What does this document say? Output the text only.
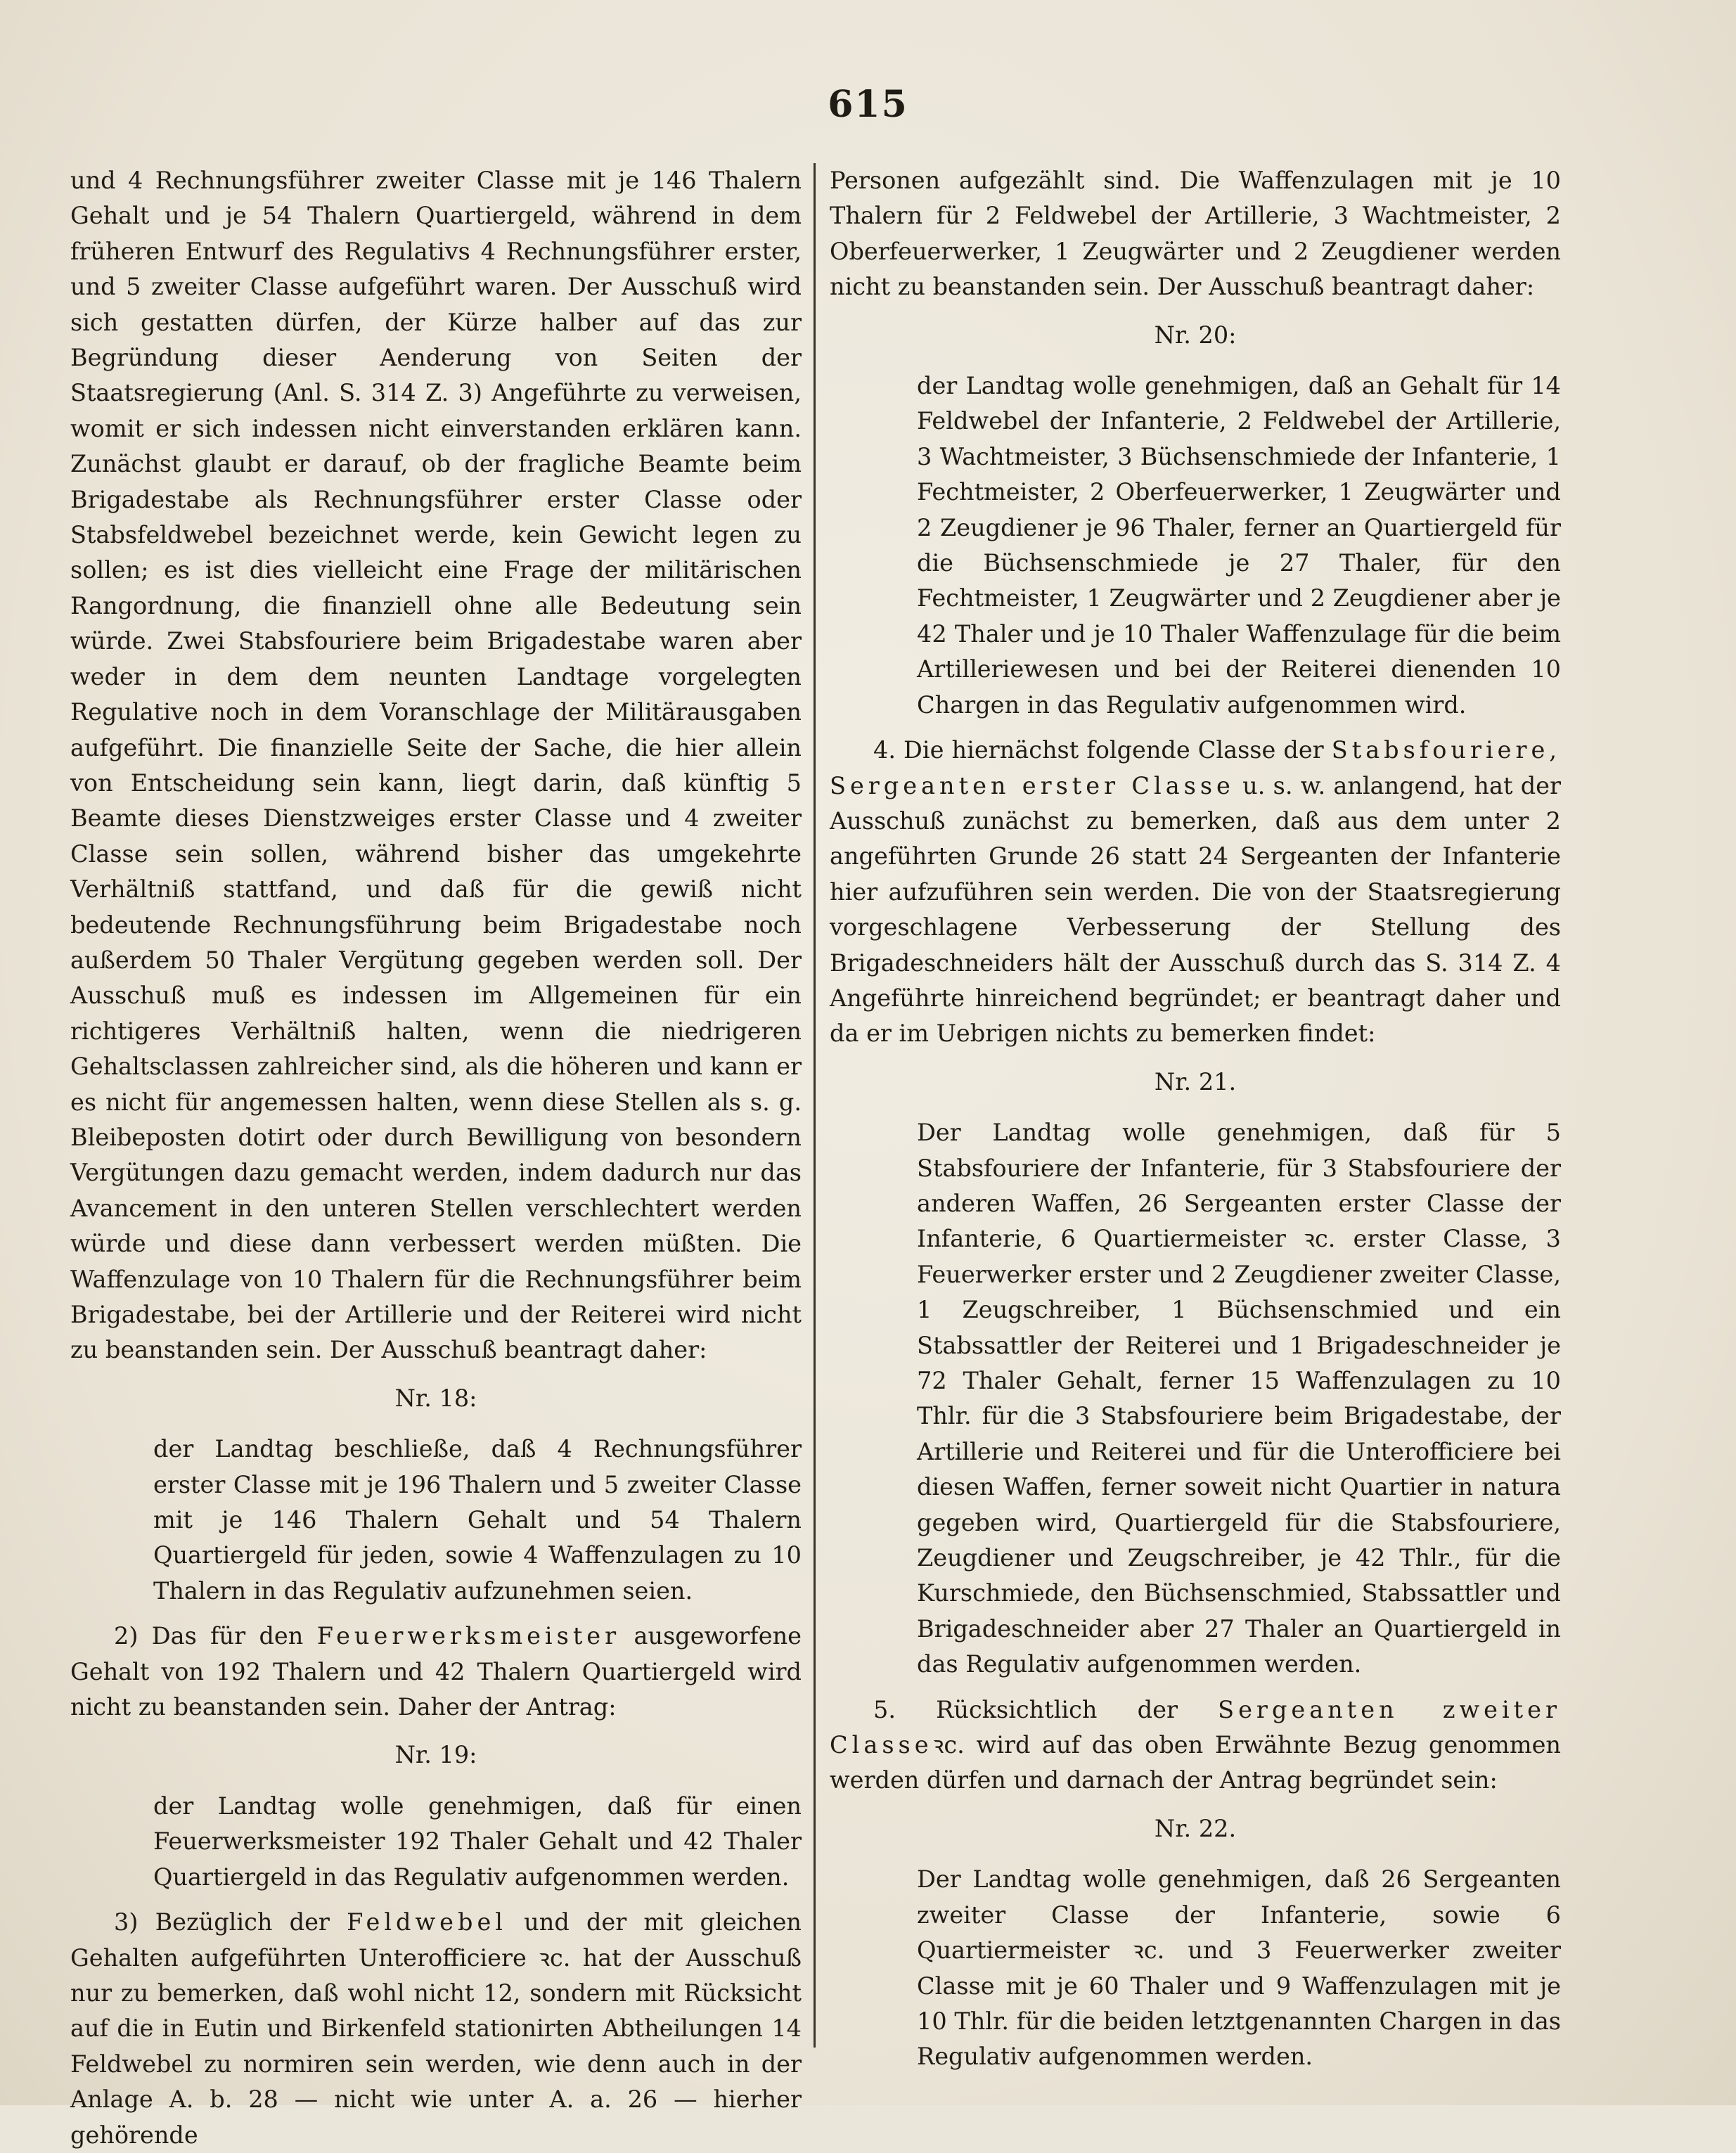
615

und 4 Rechnungsführer zweiter Classe mit je 146 Thalern Gehalt und je 54 Thalern Quartiergeld, während in dem früheren Entwurf des Regulativs 4 Rechnungsführer erster, und 5 zweiter Classe aufgeführt waren. Der Ausschuß wird sich gestatten dürfen, der Kürze halber auf das zur Begründung dieser Aenderung von Seiten der Staatsregierung (Anl. S. 314 Z. 3) Angeführte zu verweisen, womit er sich indessen nicht einverstanden erklären kann. Zunächst glaubt er darauf, ob der fragliche Beamte beim Brigadestabe als Rechnungsführer erster Classe oder Stabsfeldwebel bezeichnet werde, kein Gewicht legen zu sollen; es ist dies vielleicht eine Frage der militärischen Rangordnung, die finanziell ohne alle Bedeutung sein würde. Zwei Stabsfouriere beim Brigadestabe waren aber weder in dem dem neunten Landtage vorgelegten Regulative noch in dem Voranschlage der Militärausgaben aufgeführt. Die finanzielle Seite der Sache, die hier allein von Entscheidung sein kann, liegt darin, daß künftig 5 Beamte dieses Dienstzweiges erster Classe und 4 zweiter Classe sein sollen, während bisher das umgekehrte Verhältniß stattfand, und daß für die gewiß nicht bedeutende Rechnungsführung beim Brigadestabe noch außerdem 50 Thaler Vergütung gegeben werden soll. Der Ausschuß muß es indessen im Allgemeinen für ein richtigeres Verhältniß halten, wenn die niedrigeren Gehaltsclassen zahlreicher sind, als die höheren und kann er es nicht für angemessen halten, wenn diese Stellen als s. g. Bleibeposten dotirt oder durch Bewilligung von besondern Vergütungen dazu gemacht werden, indem dadurch nur das Avancement in den unteren Stellen verschlechtert werden würde und diese dann verbessert werden müßten. Die Waffenzulage von 10 Thalern für die Rechnungsführer beim Brigadestabe, bei der Artillerie und der Reiterei wird nicht zu beanstanden sein. Der Ausschuß beantragt daher:

Nr. 18:

der Landtag beschließe, daß 4 Rechnungsführer erster Classe mit je 196 Thalern und 5 zweiter Classe mit je 146 Thalern Gehalt und 54 Thalern Quartiergeld für jeden, sowie 4 Waffenzulagen zu 10 Thalern in das Regulativ aufzunehmen seien.

2) Das für den Feuerwerksmeister ausgeworfene Gehalt von 192 Thalern und 42 Thalern Quartiergeld wird nicht zu beanstanden sein. Daher der Antrag:

Nr. 19:

der Landtag wolle genehmigen, daß für einen Feuerwerksmeister 192 Thaler Gehalt und 42 Thaler Quartiergeld in das Regulativ aufgenommen werden.

3) Bezüglich der Feldwebel und der mit gleichen Gehalten aufgeführten Unterofficiere ꝛc. hat der Ausschuß nur zu bemerken, daß wohl nicht 12, sondern mit Rücksicht auf die in Eutin und Birkenfeld stationirten Abtheilungen 14 Feldwebel zu normiren sein werden, wie denn auch in der Anlage A. b. 28 — nicht wie unter A. a. 26 — hierher gehörende

Personen aufgezählt sind. Die Waffenzulagen mit je 10 Thalern für 2 Feldwebel der Artillerie, 3 Wachtmeister, 2 Oberfeuerwerker, 1 Zeugwärter und 2 Zeugdiener werden nicht zu beanstanden sein. Der Ausschuß beantragt daher:

Nr. 20:

der Landtag wolle genehmigen, daß an Gehalt für 14 Feldwebel der Infanterie, 2 Feldwebel der Artillerie, 3 Wachtmeister, 3 Büchsenschmiede der Infanterie, 1 Fechtmeister, 2 Oberfeuerwerker, 1 Zeugwärter und 2 Zeugdiener je 96 Thaler, ferner an Quartiergeld für die Büchsenschmiede je 27 Thaler, für den Fechtmeister, 1 Zeugwärter und 2 Zeugdiener aber je 42 Thaler und je 10 Thaler Waffenzulage für die beim Artilleriewesen und bei der Reiterei dienenden 10 Chargen in das Regulativ aufgenommen wird.

4. Die hiernächst folgende Classe der Stabsfouriere, Sergeanten erster Classe u. s. w. anlangend, hat der Ausschuß zunächst zu bemerken, daß aus dem unter 2 angeführten Grunde 26 statt 24 Sergeanten der Infanterie hier aufzuführen sein werden. Die von der Staatsregierung vorgeschlagene Verbesserung der Stellung des Brigadeschneiders hält der Ausschuß durch das S. 314 Z. 4 Angeführte hinreichend begründet; er beantragt daher und da er im Uebrigen nichts zu bemerken findet:

Nr. 21.

Der Landtag wolle genehmigen, daß für 5 Stabsfouriere der Infanterie, für 3 Stabsfouriere der anderen Waffen, 26 Sergeanten erster Classe der Infanterie, 6 Quartiermeister ꝛc. erster Classe, 3 Feuerwerker erster und 2 Zeugdiener zweiter Classe, 1 Zeugschreiber, 1 Büchsenschmied und ein Stabssattler der Reiterei und 1 Brigadeschneider je 72 Thaler Gehalt, ferner 15 Waffenzulagen zu 10 Thlr. für die 3 Stabsfouriere beim Brigadestabe, der Artillerie und Reiterei und für die Unterofficiere bei diesen Waffen, ferner soweit nicht Quartier in natura gegeben wird, Quartiergeld für die Stabsfouriere, Zeugdiener und Zeugschreiber, je 42 Thlr., für die Kurschmiede, den Büchsenschmied, Stabssattler und Brigadeschneider aber 27 Thaler an Quartiergeld in das Regulativ aufgenommen werden.

5. Rücksichtlich der Sergeanten zweiter Classeꝛc. wird auf das oben Erwähnte Bezug genommen werden dürfen und darnach der Antrag begründet sein:

Nr. 22.

Der Landtag wolle genehmigen, daß 26 Sergeanten zweiter Classe der Infanterie, sowie 6 Quartiermeister ꝛc. und 3 Feuerwerker zweiter Classe mit je 60 Thaler und 9 Waffenzulagen mit je 10 Thlr. für die beiden letztgenannten Chargen in das Regulativ aufgenommen werden.
